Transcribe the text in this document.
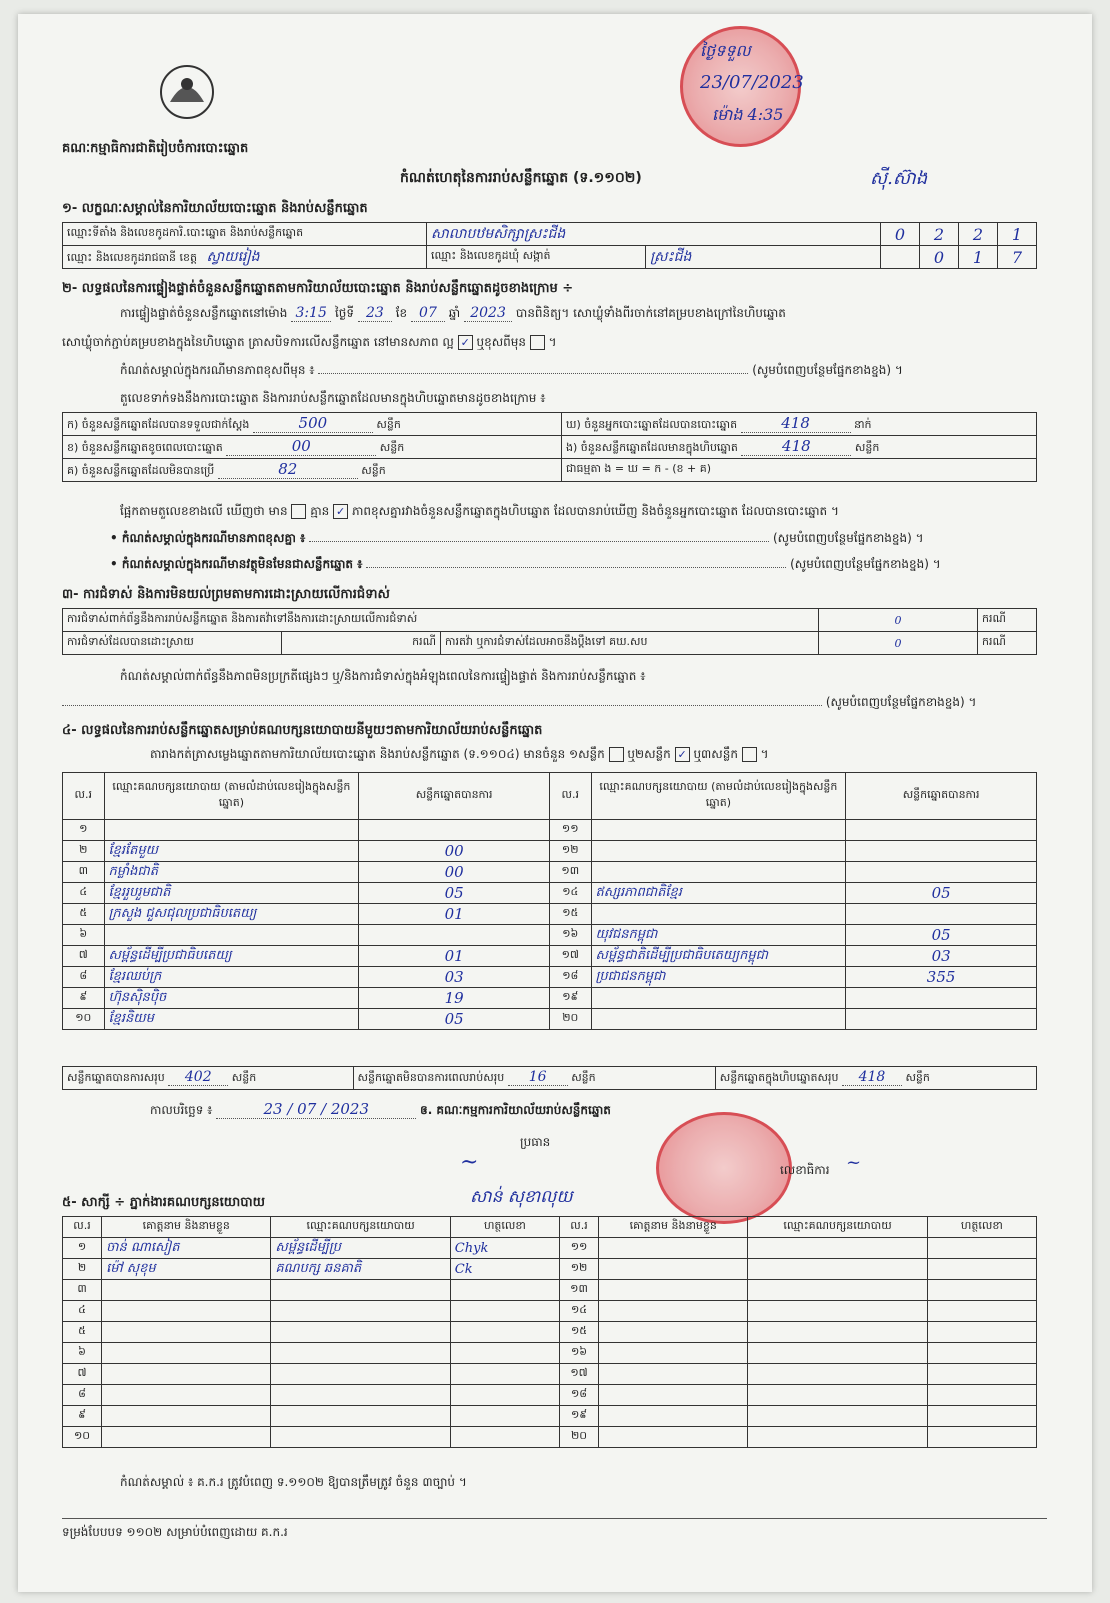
គណៈកម្មាធិការជាតិរៀបចំការបោះឆ្នោត
កំណត់ហេតុនៃការរាប់សន្លឹកឆ្នោត (ទ.១១០២)
ថ្ងៃទទួល
23/07/2023
ម៉ោង 4:35
ស៊ី.ស៊ាង
១- លក្ខណៈសម្គាល់នៃការិយាល័យបោះឆ្នោត និងរាប់សន្លឹកឆ្នោត
ឈ្មោះទីតាំង និងលេខកូដការិ.បោះឆ្នោត និងរាប់សន្លឹកឆ្នោត	សាលាបឋមសិក្សាស្រះជីង		0	2	2	1
ឈ្មោះ និងលេខកូដរាជធានី ខេត្ត ស្វាយរៀង	ឈ្មោះ និងលេខកូដឃុំ សង្កាត់	ស្រះជីង		0	1	7
២- លទ្ធផលនៃការផ្ទៀងផ្ទាត់ចំនួនសន្លឹកឆ្នោតតាមការិយាល័យបោះឆ្នោត និងរាប់សន្លឹកឆ្នោតដូចខាងក្រោម ÷
ការផ្ទៀងផ្ទាត់ចំនួនសន្លឹកឆ្នោតនៅម៉ោង 3:15 ថ្ងៃទី 23 ខែ 07 ឆ្នាំ 2023 បានពិនិត្យ។ សោឃ្លុំទាំងពីរចាក់នៅគម្របខាងក្រៅនៃហិបឆ្នោត
សោឃ្លុំចាក់ភ្ជាប់គម្របខាងក្នុងនៃហិបឆ្នោត ត្រាសបិទការលើសន្លឹកឆ្នោត នៅមានសភាព ល្អ ✓ ឬខុសពីមុន  ។
កំណត់សម្គាល់ក្នុងករណីមានភាពខុសពីមុន ៖	(សូមបំពេញបន្ថែមផ្នែកខាងខ្នង) ។
តួលេខទាក់ទងនឹងការបោះឆ្នោត និងការរាប់សន្លឹកឆ្នោតដែលមានក្នុងហិបឆ្នោតមានដូចខាងក្រោម ៖
ក) ចំនួនសន្លឹកឆ្នោតដែលបានទទួលជាក់ស្តែង 500 សន្លឹក	ឃ) ចំនួនអ្នកបោះឆ្នោតដែលបានបោះឆ្នោត 418 នាក់
ខ) ចំនួនសន្លឹកឆ្នោតខូចពេលបោះឆ្នោត 00 សន្លឹក	ង) ចំនួនសន្លឹកឆ្នោតដែលមានក្នុងហិបឆ្នោត 418 សន្លឹក
គ) ចំនួនសន្លឹកឆ្នោតដែលមិនបានប្រើ 82 សន្លឹក	ជាធម្មតា ង = ឃ = ក - (ខ + គ)
ផ្អែកតាមតួលេខខាងលើ ឃើញថា មាន គ្មាន ✓ ភាពខុសគ្នារវាងចំនួនសន្លឹកឆ្នោតក្នុងហិបឆ្នោត ដែលបានរាប់ឃើញ និងចំនួនអ្នកបោះឆ្នោត ដែលបានបោះឆ្នោត ។
• កំណត់សម្គាល់ក្នុងករណីមានភាពខុសគ្នា ៖	(សូមបំពេញបន្ថែមផ្នែកខាងខ្នង) ។
• កំណត់សម្គាល់ក្នុងករណីមានវត្ថុមិនមែនជាសន្លឹកឆ្នោត ៖	(សូមបំពេញបន្ថែមផ្នែកខាងខ្នង) ។
៣- ការជំទាស់ និងការមិនយល់ព្រមតាមការដោះស្រាយលើការជំទាស់
ការជំទាស់ពាក់ព័ន្ធនឹងការរាប់សន្លឹកឆ្នោត និងការតវ៉ាទៅនឹងការដោះស្រាយលើការជំទាស់			0	ករណី
ការជំទាស់ដែលបានដោះស្រាយ	ករណី	ការតវ៉ា ឬការជំទាស់ដែលអាចនឹងប្តឹងទៅ គឃ.សប	0	ករណី
កំណត់សម្គាល់ពាក់ព័ន្ធនឹងភាពមិនប្រក្រតីផ្សេងៗ ឬ/និងការជំទាស់ក្នុងអំឡុងពេលនៃការផ្ទៀងផ្ទាត់ និងការរាប់សន្លឹកឆ្នោត ៖
(សូមបំពេញបន្ថែមផ្នែកខាងខ្នង) ។
៤- លទ្ធផលនៃការរាប់សន្លឹកឆ្នោតសម្រាប់គណបក្សនយោបាយនីមួយៗតាមការិយាល័យរាប់សន្លឹកឆ្នោត
តារាងកត់ត្រាសម្លេងឆ្នោតតាមការិយាល័យបោះឆ្នោត និងរាប់សន្លឹកឆ្នោត (ទ.១១០៤) មានចំនួន ១សន្លឹក ឬ២សន្លឹក ✓ ឬ៣សន្លឹក  ។
ល.រ	ឈ្មោះគណបក្សនយោបាយ (តាមលំដាប់លេខរៀងក្នុងសន្លឹកឆ្នោត)	សន្លឹកឆ្នោតបានការ	ល.រ	ឈ្មោះគណបក្សនយោបាយ (តាមលំដាប់លេខរៀងក្នុងសន្លឹកឆ្នោត)	សន្លឹកឆ្នោតបានការ
១			១១		
២	ខ្មែរតែមួយ	00	១២		
៣	កម្លាំងជាតិ	00	១៣		
៤	ខ្មែររួបរួមជាតិ	05	១៤	ឥស្សរភាពជាតិខ្មែរ	05
៥	ក្រសួង ជួសជុលប្រជាធិបតេយ្យ	01	១៥		
៦			១៦	យុវជនកម្ពុជា	05
៧	សម្ព័ន្ធដើម្បីប្រជាធិបតេយ្យ	01	១៧	សម្ព័ន្ធជាតិដើម្បីប្រជាធិបតេយ្យកម្ពុជា	03
៨	ខ្មែរឈប់ក្រ	03	១៨	ប្រជាជនកម្ពុជា	355
៩	ហ៊ុនស៊ិនប៉ិច	19	១៩		
១០	ខ្មែរនិយម	05	២០		
សន្លឹកឆ្នោតបានការសរុប 402 សន្លឹក	សន្លឹកឆ្នោតមិនបានការពេលរាប់សរុប 16 សន្លឹក	សន្លឹកឆ្នោតក្នុងហិបឆ្នោតសរុប 418 សន្លឹក
កាលបរិច្ឆេទ ៖	23 / 07 / 2023	ឲ. គណៈកម្មការការិយាល័យរាប់សន្លឹកឆ្នោត
ប្រធាន
~
សាន់ សុខាលុយ
លេខាធិការ ~
៥- សាក្សី ÷ ភ្នាក់ងារគណបក្សនយោបាយ
ល.រ	គោត្តនាម និងនាមខ្លួន	ឈ្មោះគណបក្សនយោបាយ	ហត្ថលេខា	ល.រ	គោត្តនាម និងនាមខ្លួន	ឈ្មោះគណបក្សនយោបាយ	ហត្ថលេខា
១	ចាន់ ណាសៀត	សម្ព័ន្ធដើម្បីប្រ	Chyk	១១			
២	ម៉ៅ សុខុម	គណបក្ស ឆនគាតិ	Ck	១២			
៣				១៣			
៤				១៤			
៥				១៥			
៦				១៦			
៧				១៧			
៨				១៨			
៩				១៩			
១០				២០			
កំណត់សម្គាល់ ៖ គ.ក.រ ត្រូវបំពេញ ទ.១១០២ ឱ្យបានត្រឹមត្រូវ ចំនួន ៣ច្បាប់ ។
ទម្រង់បែបបទ ១១០២ សម្រាប់បំពេញដោយ គ.ក.រ
